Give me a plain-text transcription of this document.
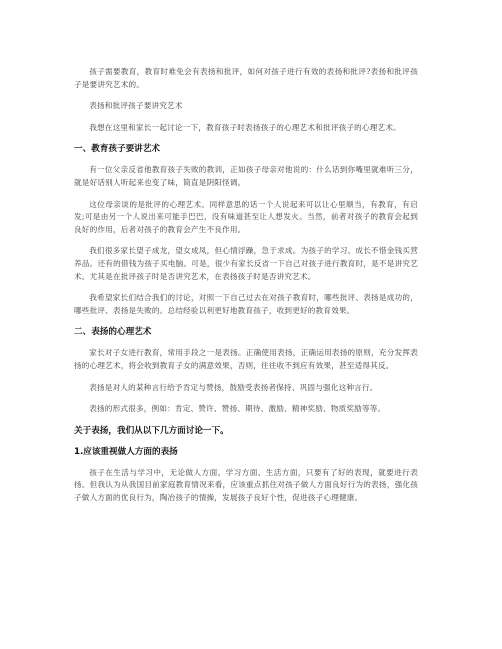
孩子需要教育，教育时难免会有表扬和批评，如何对孩子进行有效的表扬和批评?表扬和批评孩子是要讲究艺术的。

表扬和批评孩子要讲究艺术

我想在这里和家长一起讨论一下，教育孩子时表扬孩子的心理艺术和批评孩子的心理艺术。

一、教育孩子要讲艺术

有一位父亲反省他教育孩子失败的教训，正如孩子母亲对他说的：什么话到你嘴里就难听三分，就是好话别人听起来也变了味，简直是阴阳怪调。

这位母亲谈的是批评的心理艺术。同样意思的话一个人说起来可以让心里顺当，有教育，有启发;可是由另一个人说出来可能手巴巴，没有味道甚至让人想发火。当然，前者对孩子的教育会起到良好的作用，后者对孩子的教育会产生不良作用。

我们很多家长望子成龙，望女成凤，但心情浮躁，急于求成。为孩子的学习、成长不惜金钱买营养品。还有的借钱为孩子买电脑。可是，很少有家长反省一下自己对孩子进行教育时，是不是讲究艺术。尤其是在批评孩子时是否讲究艺术，在表扬孩子时是否讲究艺术。

我希望家长们结合我们的讨论，对照一下自己过去在对孩子教育时，哪些批评、表扬是成功的，哪些批评、表扬是失败的。总结经验以利更好地教育孩子，收到更好的教育效果。

二、表扬的心理艺术

家长对子女进行教育，常用手段之一是表扬。正确使用表扬，正确运用表扬的原则，充分发挥表扬的心理艺术，将会收到教育子女的满意效果，否则，往往收不到应有效果，甚至适得其反。

表扬是对人的某种言行给予肯定与赞扬，鼓励受表扬者保持、巩固与强化这种言行。

表扬的形式很多，例如：肯定、赞许、赞扬、期待、激励、精神奖励、物质奖励等等。

关于表扬，我们从以下几方面讨论一下。
1.应该重视做人方面的表扬

孩子在生活与学习中，无论做人方面、学习方面、生活方面，只要有了好的表现，就要进行表扬。但我认为从我国目前家庭教育情况来看，应该重点抓住对孩子做人方面良好行为的表扬，强化孩子做人方面的优良行为，陶冶孩子的情操，发展孩子良好个性，促进孩子心理健康。
